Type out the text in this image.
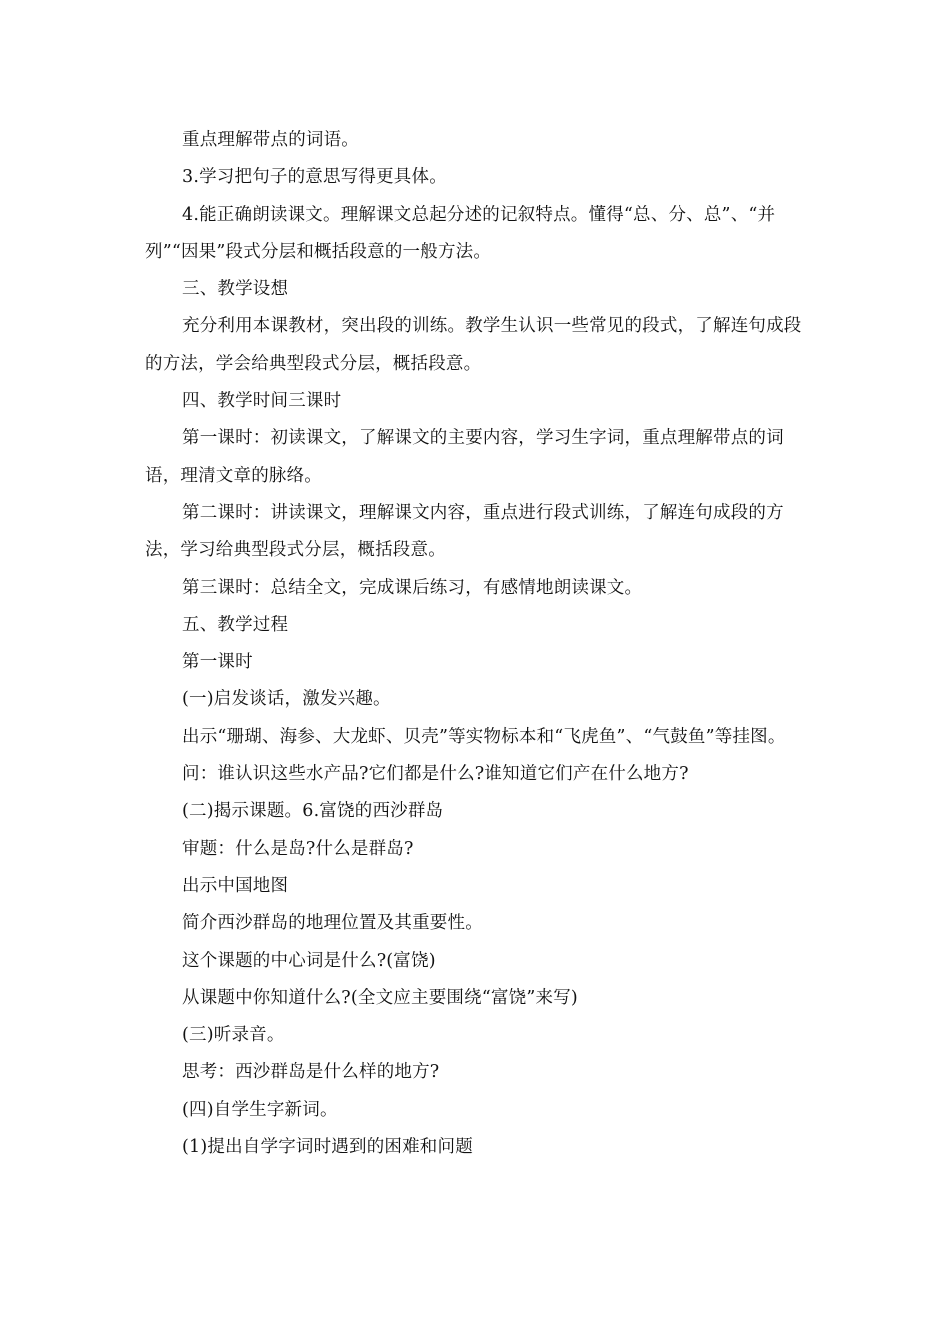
重点理解带点的词语。

3.学习把句子的意思写得更具体。

4.能正确朗读课文。理解课文总起分述的记叙特点。懂得“总、分、总”、“并列”“因果”段式分层和概括段意的一般方法。

三、教学设想

充分利用本课教材，突出段的训练。教学生认识一些常见的段式，了解连句成段的方法，学会给典型段式分层，概括段意。

四、教学时间三课时

第一课时：初读课文，了解课文的主要内容，学习生字词，重点理解带点的词语，理清文章的脉络。

第二课时：讲读课文，理解课文内容，重点进行段式训练，了解连句成段的方法，学习给典型段式分层，概括段意。

第三课时：总结全文，完成课后练习，有感情地朗读课文。

五、教学过程

第一课时

(一)启发谈话，激发兴趣。

出示“珊瑚、海参、大龙虾、贝壳”等实物标本和“飞虎鱼”、“气鼓鱼”等挂图。

问：谁认识这些水产品?它们都是什么?谁知道它们产在什么地方?

(二)揭示课题。6.富饶的西沙群岛

审题：什么是岛?什么是群岛?

出示中国地图

简介西沙群岛的地理位置及其重要性。

这个课题的中心词是什么?(富饶)

从课题中你知道什么?(全文应主要围绕“富饶”来写)

(三)听录音。

思考：西沙群岛是什么样的地方?

(四)自学生字新词。

(1)提出自学字词时遇到的困难和问题
